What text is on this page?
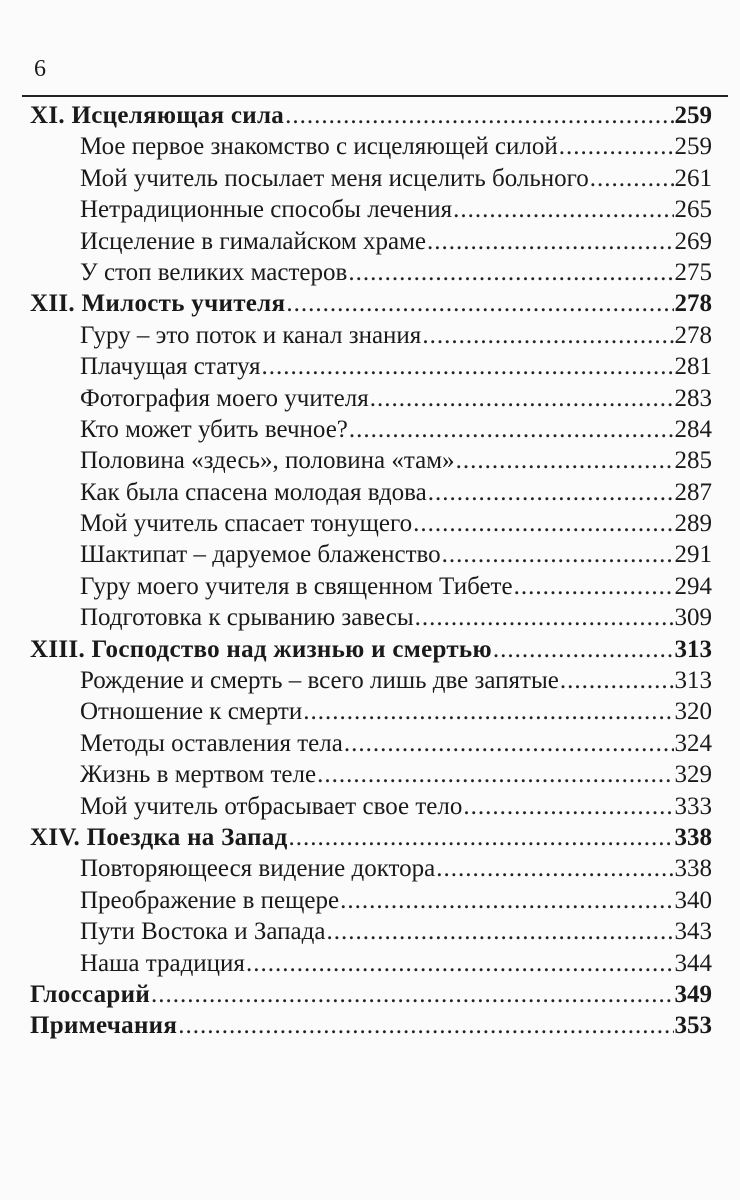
6
XI. Исцеляющая сила .....	259
Мое первое знакомство с исцеляющей силой .....	259
Мой учитель посылает меня исцелить больного .....	261
Нетрадиционные способы лечения .....	265
Исцеление в гималайском храме .....	269
У стоп великих мастеров .....	275
XII. Милость учителя .....	278
Гуру – это поток и канал знания .....	278
Плачущая статуя .....	281
Фотография моего учителя .....	283
Кто может убить вечное? .....	284
Половина «здесь», половина «там» .....	285
Как была спасена молодая вдова .....	287
Мой учитель спасает тонущего .....	289
Шактипат – даруемое блаженство .....	291
Гуру моего учителя в священном Тибете .....	294
Подготовка к срыванию завесы .....	309
XIII. Господство над жизнью и смертью .....	313
Рождение и смерть – всего лишь две запятые .....	313
Отношение к смерти .....	320
Методы оставления тела .....	324
Жизнь в мертвом теле .....	329
Мой учитель отбрасывает свое тело .....	333
XIV. Поездка на Запад .....	338
Повторяющееся видение доктора .....	338
Преображение в пещере .....	340
Пути Востока и Запада .....	343
Наша традиция .....	344
Глоссарий .....	349
Примечания .....	353
